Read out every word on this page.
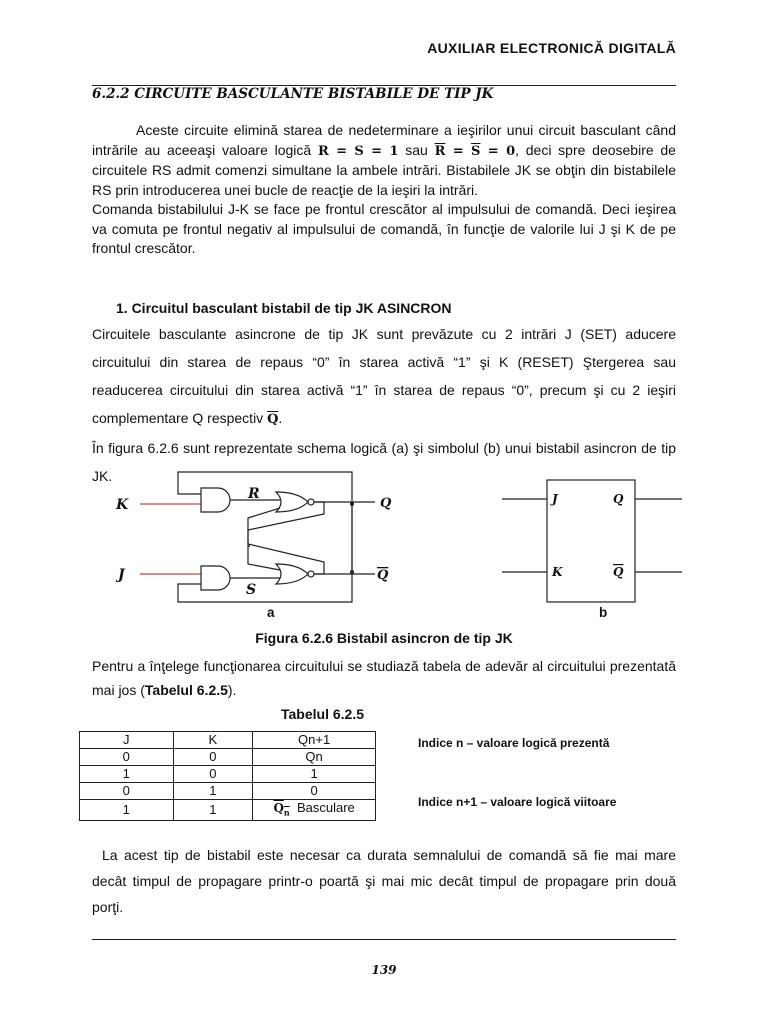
AUXILIAR ELECTRONICĂ DIGITALĂ
6.2.2 CIRCUITE BASCULANTE BISTABILE DE TIP JK

Aceste circuite elimină starea de nedeterminare a ieşirilor unui circuit basculant când intrările au aceeaşi valoare logică R = S = 1 sau $\overline{R} = \overline{S} = 0$, deci spre deosebire de circuitele RS admit comenzi simultane la ambele intrări. Bistabilele JK se obţin din bistabilele RS prin introducerea unei bucle de reacţie de la ieşiri la intrări.

Comanda bistabilului J-K se face pe frontul crescător al impulsului de comandă. Deci ieşirea va comuta pe frontul negativ al impulsului de comandă, în funcţie de valorile lui J şi K de pe frontul crescător.

1. Circuitul basculant bistabil de tip JK ASINCRON

Circuitele basculante asincrone de tip JK sunt prevăzute cu 2 intrări J (SET) aducere circuitului din starea de repaus “0” în starea activă “1” şi K (RESET) Ştergerea sau readucerea circuitului din starea activă “1” în starea de repaus “0”, precum şi cu 2 ieşiri complementare Q respectiv $\overline{Q}$.

În figura 6.2.6 sunt reprezentate schema logică (a) şi simbolul (b) unui bistabil asincron de tip JK.

K
J
R
S
Q
Q
J
K
Q
Q
a	b
Figura 6.2.6 Bistabil asincron de tip JK
Pentru a înţelege funcţionarea circuitului se studiază tabela de adevăr al circuitului prezentată mai jos (Tabelul 6.2.5).
Tabelul 6.2.5
J	K	Qn+1
0	0	Qn
1	0	1
0	1	0
1	1	$Q_n$ Basculare
Indice n – valoare logică prezentă
Indice n+1 – valoare logică viitoare

La acest tip de bistabil este necesar ca durata semnalului de comandă să fie mai mare decât timpul de propagare printr-o poartă şi mai mic decât timpul de propagare prin două porţi.

139
